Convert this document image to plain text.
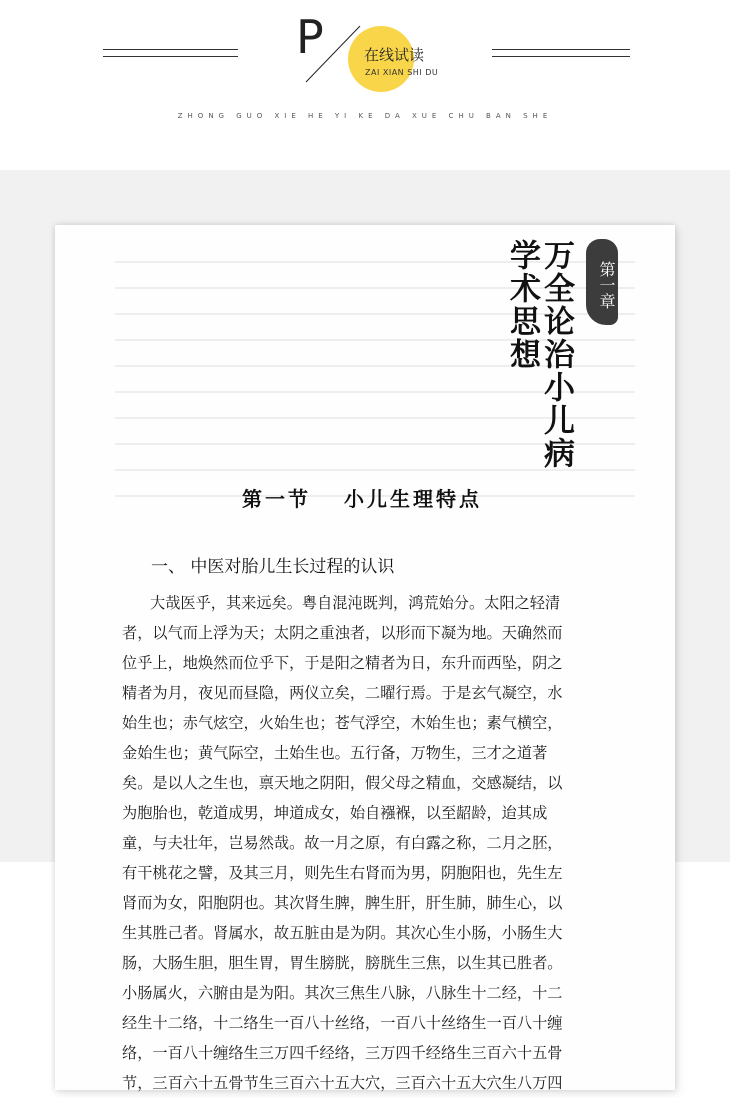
P	在线试读
ZAI XIAN SHI DU
ZHONG GUO XIE HE YI KE DA XUE CHU BAN SHE
第一章
万全论治小儿病
学术思想
第一节　 小儿生理特点
一、 中医对胎儿生长过程的认识
大哉医乎，其来远矣。粤自混沌既判，鸿荒始分。太阳之轻清
者，以气而上浮为天；太阴之重浊者，以形而下凝为地。天确然而
位乎上，地焕然而位乎下，于是阳之精者为日，东升而西坠，阴之
精者为月，夜见而昼隐，两仪立矣，二曜行焉。于是玄气凝空，水
始生也；赤气炫空，火始生也；苍气浮空，木始生也；素气横空，
金始生也；黄气际空，土始生也。五行备，万物生，三才之道著
矣。是以人之生也，禀天地之阴阳，假父母之精血，交感凝结，以
为胞胎也，乾道成男，坤道成女，始自襁褓，以至龆龄，迨其成
童，与夫壮年，岂易然哉。故一月之原，有白露之称，二月之胚，
有干桃花之譬，及其三月，则先生右肾而为男，阴胞阳也，先生左
肾而为女，阳胞阴也。其次肾生脾，脾生肝，肝生肺，肺生心，以
生其胜己者。肾属水，故五脏由是为阴。其次心生小肠，小肠生大
肠，大肠生胆，胆生胃，胃生膀胱，膀胱生三焦，以生其已胜者。
小肠属火，六腑由是为阳。其次三焦生八脉，八脉生十二经，十二
经生十二络，十二络生一百八十丝络，一百八十丝络生一百八十缠
络，一百八十缠络生三万四千经络，三万四千经络生三百六十五骨
节，三百六十五骨节生三百六十五大穴，三百六十五大穴生八万四
